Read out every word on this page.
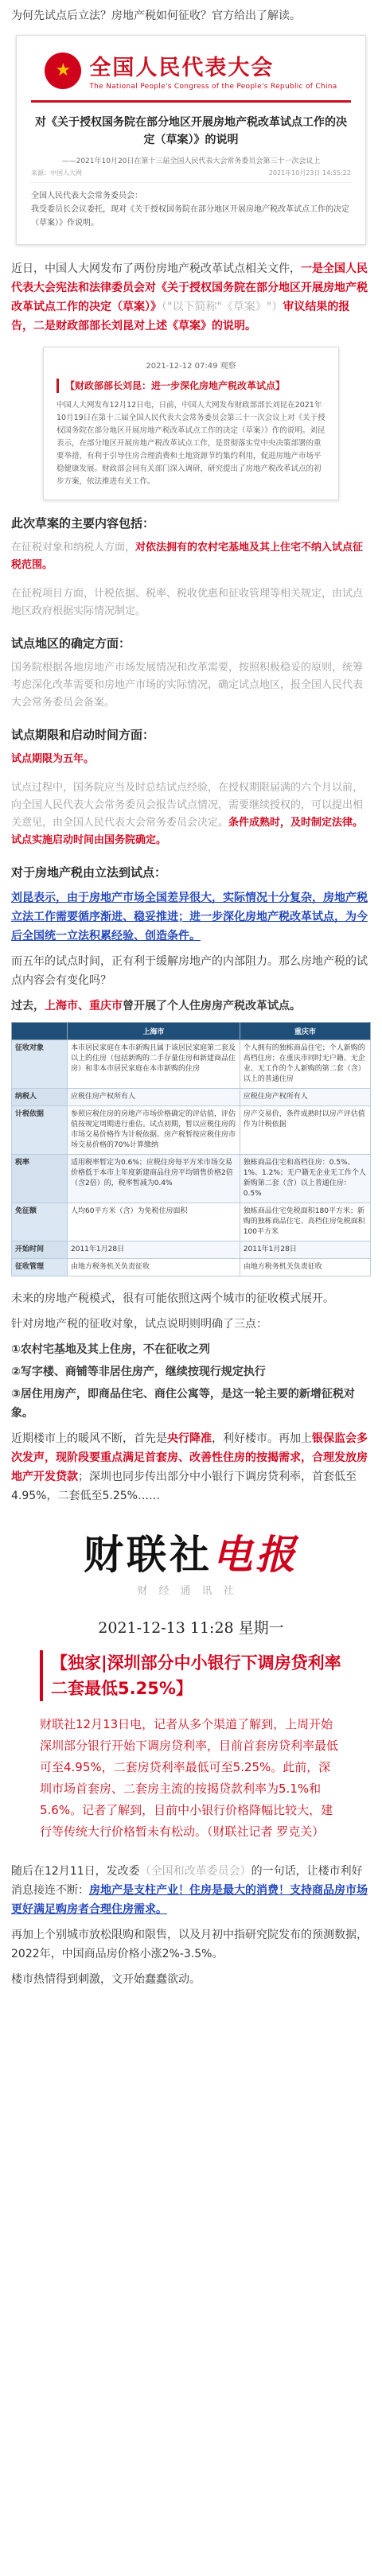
为何先试点后立法？房地产税如何征收？官方给出了解读。

★
全国人民代表大会
The National People's Congress of the People's Republic of China
对《关于授权国务院在部分地区开展房地产税改革试点工作的决定（草案）》的说明
——2021年10月20日在第十三届全国人民代表大会常务委员会第三十一次会议上
来源：中国人大网	2021年10月23日 14:55:22
全国人民代表大会常务委员会：
我受委员长会议委托，现对《关于授权国务院在部分地区开展房地产税改革试点工作的决定（草案）》作说明。

近日，中国人大网发布了两份房地产税改革试点相关文件，一是全国人民代表大会宪法和法律委员会对《关于授权国务院在部分地区开展房地产税改革试点工作的决定（草案）》（"以下简称"《草案》"）审议结果的报告，二是财政部部长刘昆对上述《草案》的说明。

2021-12-12 07:49 观察
【财政部部长刘昆：进一步深化房地产税改革试点】
中国人大网发布12月12日电，日前，中国人大网发布财政部部长刘昆在2021年10月19日在第十三届全国人民代表大会常务委员会第三十一次会议上对《关于授权国务院在部分地区开展房地产税改革试点工作的决定（草案）》作的说明。刘昆表示，在部分地区开展房地产税改革试点工作，是贯彻落实党中央决策部署的重要举措，有利于引导住房合理消费和土地资源节约集约利用，促进房地产市场平稳健康发展。财政部会同有关部门深入调研，研究提出了房地产税改革试点的初步方案，依法推进有关工作。
此次草案的主要内容包括：

在征税对象和纳税人方面，对依法拥有的农村宅基地及其上住宅不纳入试点征税范围。

在征税项目方面，计税依据、税率、税收优惠和征收管理等相关规定，由试点地区政府根据实际情况制定。

试点地区的确定方面：

国务院根据各地房地产市场发展情况和改革需要，按照积极稳妥的原则，统筹考虑深化改革需要和房地产市场的实际情况，确定试点地区，报全国人民代表大会常务委员会备案。

试点期限和启动时间方面：

试点期限为五年。

试点过程中，国务院应当及时总结试点经验，在授权期限届满的六个月以前，向全国人民代表大会常务委员会报告试点情况，需要继续授权的，可以提出相关意见，由全国人民代表大会常务委员会决定。条件成熟时，及时制定法律。试点实施启动时间由国务院确定。

对于房地产税由立法到试点：

刘昆表示，由于房地产市场全国差异很大，实际情况十分复杂，房地产税立法工作需要循序渐进、稳妥推进；进一步深化房地产税改革试点，为今后全国统一立法积累经验、创造条件。

而五年的试点时间，正有利于缓解房地产的内部阻力。那么房地产税的试点内容会有变化吗？

过去，上海市、重庆市曾开展了个人住房房产税改革试点。

	上海市	重庆市
征收对象	本市居民家庭在本市新购且属于该居民家庭第二套及以上的住房（包括新购的二手存量住房和新建商品住房）和非本市居民家庭在本市新购的住房	个人拥有的独栋商品住宅；个人新购的高档住房；在重庆市同时无户籍、无企业、无工作的个人新购的第二套（含）以上的普通住房
纳税人	应税住房产权所有人	应税住房产权所有人
计税依据	参照应税住房的房地产市场价格确定的评估值，评估值按规定周期进行重估。试点初期，暂以应税住房的市场交易价格作为计税依据。房产税暂按应税住房市场交易价格的70%计算缴纳	房产交易价，条件成熟时以房产评估值作为计税依据
税率	适用税率暂定为0.6%；应税住房每平方米市场交易价格低于本市上年度新建商品住房平均销售价格2倍（含2倍）的，税率暂减为0.4%	独栋商品住宅和高档住房：0.5%、1%、1.2%；无户籍无企业无工作个人新购第二套（含）以上普通住房：0.5%
免征额	人均60平方米（含）为免税住房面积	独栋商品住宅免税面积180平方米；新购的独栋商品住宅、高档住房免税面积100平方米
开始时间	2011年1月28日	2011年1月28日
征收管理	由地方税务机关负责征收	由地方税务机关负责征收

未来的房地产税模式，很有可能依照这两个城市的征收模式展开。

针对房地产税的征收对象，试点说明则明确了三点：

①农村宅基地及其上住房，不在征收之列

②写字楼、商铺等非居住房产，继续按现行规定执行

③居住用房产，即商品住宅、商住公寓等，是这一轮主要的新增征税对象。

近期楼市上的暖风不断，首先是央行降准，利好楼市。再加上银保监会多次发声，现阶段要重点满足首套房、改善性住房的按揭需求，合理发放房地产开发贷款；深圳也同步传出部分中小银行下调房贷利率，首套低至4.95%，二套低至5.25%……

财联社电报
财经通讯社
2021-12-13 11:28 星期一
【独家|深圳部分中小银行下调房贷利率 二套最低5.25%】
财联社12月13日电，记者从多个渠道了解到，上周开始深圳部分银行开始下调房贷利率，目前首套房贷利率最低可至4.95%，二套房贷利率最低可至5.25%。此前，深圳市场首套房、二套房主流的按揭贷款利率为5.1%和5.6%。记者了解到，目前中小银行价格降幅比较大，建行等传统大行价格暂未有松动。（财联社记者 罗克关）

随后在12月11日，发改委（全国和改革委员会）的一句话，让楼市利好消息接连不断：房地产是支柱产业！住房是最大的消费！支持商品房市场更好满足购房者合理住房需求。

再加上个别城市放松限购和限售，以及月初中指研究院发布的预测数据，2022年，中国商品房价格小涨2%-3.5%。

楼市热情得到刺激，文开始蠢蠢欲动。
